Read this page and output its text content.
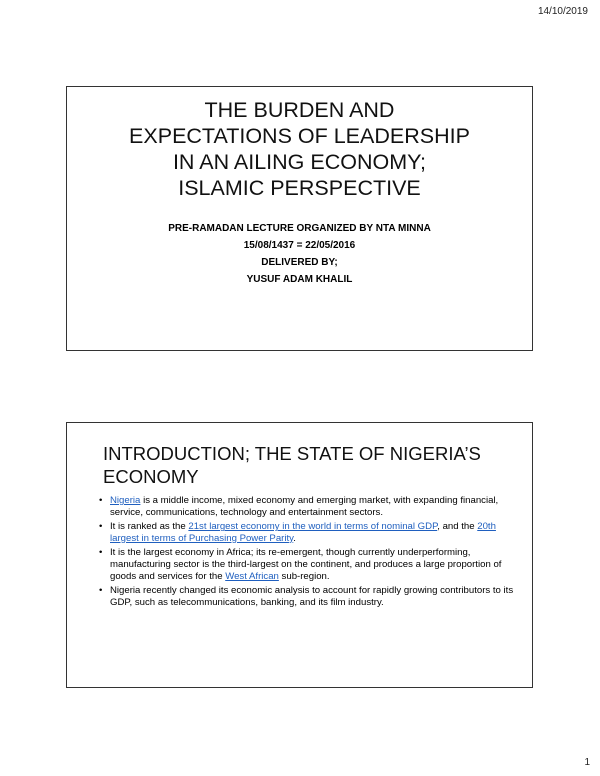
14/10/2019
THE BURDEN AND
EXPECTATIONS OF LEADERSHIP
IN AN AILING ECONOMY;
ISLAMIC PERSPECTIVE
PRE-RAMADAN LECTURE ORGANIZED BY NTA MINNA
15/08/1437 = 22/05/2016
DELIVERED BY;
YUSUF ADAM KHALIL
INTRODUCTION; THE STATE OF NIGERIA’S
ECONOMY
• Nigeria is a middle income, mixed economy and emerging market, with expanding financial, service, communications, technology and entertainment sectors.
• It is ranked as the 21st largest economy in the world in terms of nominal GDP, and the 20th largest in terms of Purchasing Power Parity.
• It is the largest economy in Africa; its re-emergent, though currently underperforming, manufacturing sector is the third-largest on the continent, and produces a large proportion of goods and services for the West African sub-region.
• Nigeria recently changed its economic analysis to account for rapidly growing contributors to its GDP, such as telecommunications, banking, and its film industry.
1
